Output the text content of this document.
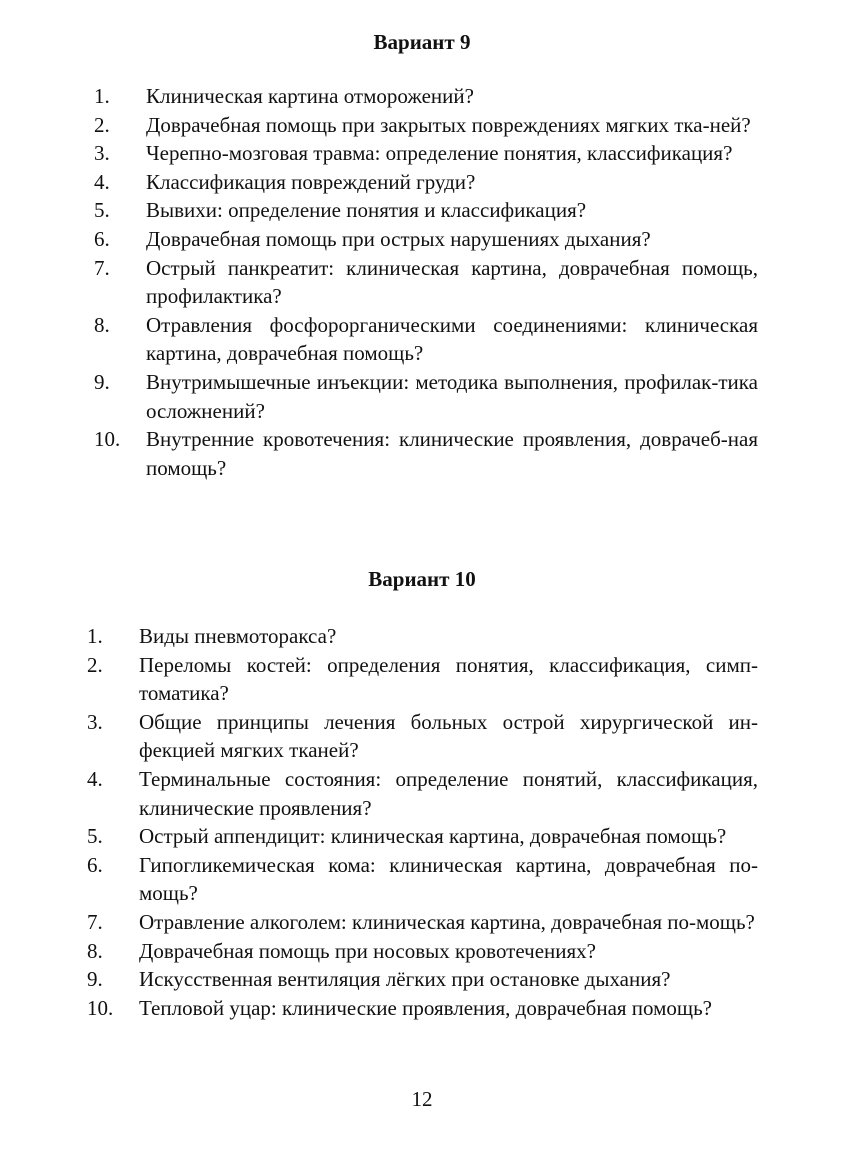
Вариант 9
1.	Клиническая картина отморожений?
2.	Доврачебная помощь при закрытых повреждениях мягких тка-ней?
3.	Черепно-мозговая травма: определение понятия, классификация?
4.	Классификация повреждений груди?
5.	Вывихи: определение понятия и классификация?
6.	Доврачебная помощь при острых нарушениях дыхания?
7.	Острый панкреатит: клиническая картина, доврачебная помощь, профилактика?
8.	Отравления фосфорорганическими соединениями: клиническая картина, доврачебная помощь?
9.	Внутримышечные инъекции: методика выполнения, профилак-тика осложнений?
10. Внутренние кровотечения: клинические проявления, доврачеб-ная помощь?
Вариант 10
1.	Виды пневмоторакса?
2.	Переломы костей: определения понятия, классификация, симп-томатика?
3.	Общие принципы лечения больных острой хирургической ин-фекцией мягких тканей?
4.	Терминальные состояния: определение понятий, классификация, клинические проявления?
5.	Острый аппендицит: клиническая картина, доврачебная помощь?
6.	Гипогликемическая кома: клиническая картина, доврачебная по-мощь?
7.	Отравление алкоголем: клиническая картина, доврачебная по-мощь?
8.	Доврачебная помощь при носовых кровотечениях?
9.	Искусственная вентиляция лёгких при остановке дыхания?
10. Тепловой уцар: клинические проявления, доврачебная помощь?
12
